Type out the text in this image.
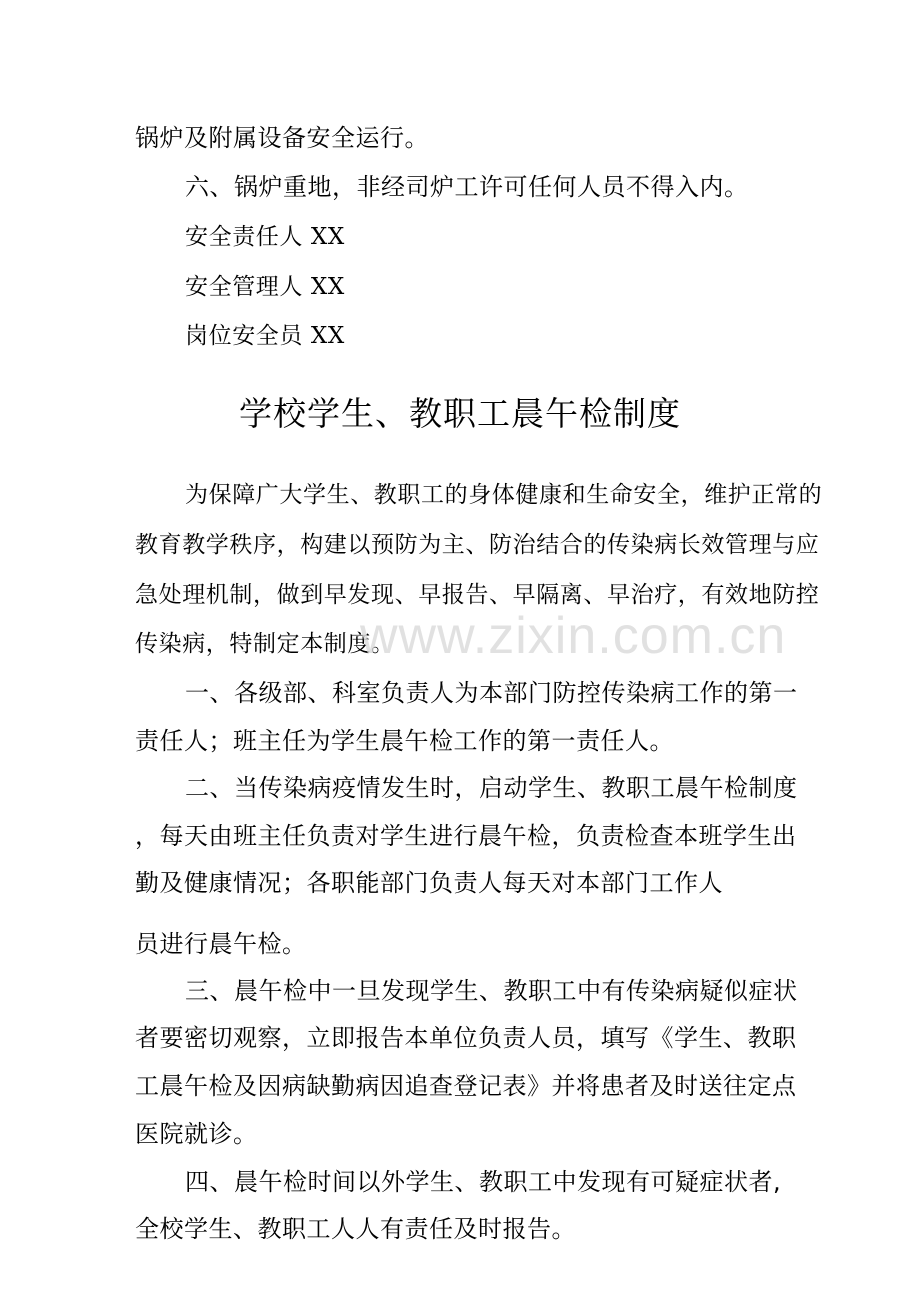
锅炉及附属设备安全运行。
六、锅炉重地，非经司炉工许可任何人员不得入内。
安全责任人 XX
安全管理人 XX
岗位安全员 XX
学校学生、教职工晨午检制度
为保障广大学生、教职工的身体健康和生命安全，维护正常的
教育教学秩序，构建以预防为主、防治结合的传染病长效管理与应
急处理机制，做到早发现、早报告、早隔离、早治疗，有效地防控
传染病，特制定本制度。
一、各级部、科室负责人为本部门防控传染病工作的第一
责任人；班主任为学生晨午检工作的第一责任人。
二、当传染病疫情发生时，启动学生、教职工晨午检制度
，每天由班主任负责对学生进行晨午检，负责检查本班学生出
勤及健康情况；各职能部门负责人每天对本部门工作人
员进行晨午检。
三、晨午检中一旦发现学生、教职工中有传染病疑似症状
者要密切观察，立即报告本单位负责人员，填写《学生、教职
工晨午检及因病缺勤病因追查登记表》并将患者及时送往定点
医院就诊。
四、晨午检时间以外学生、教职工中发现有可疑症状者,
全校学生、教职工人人有责任及时报告。
www.zixin.com.cn
